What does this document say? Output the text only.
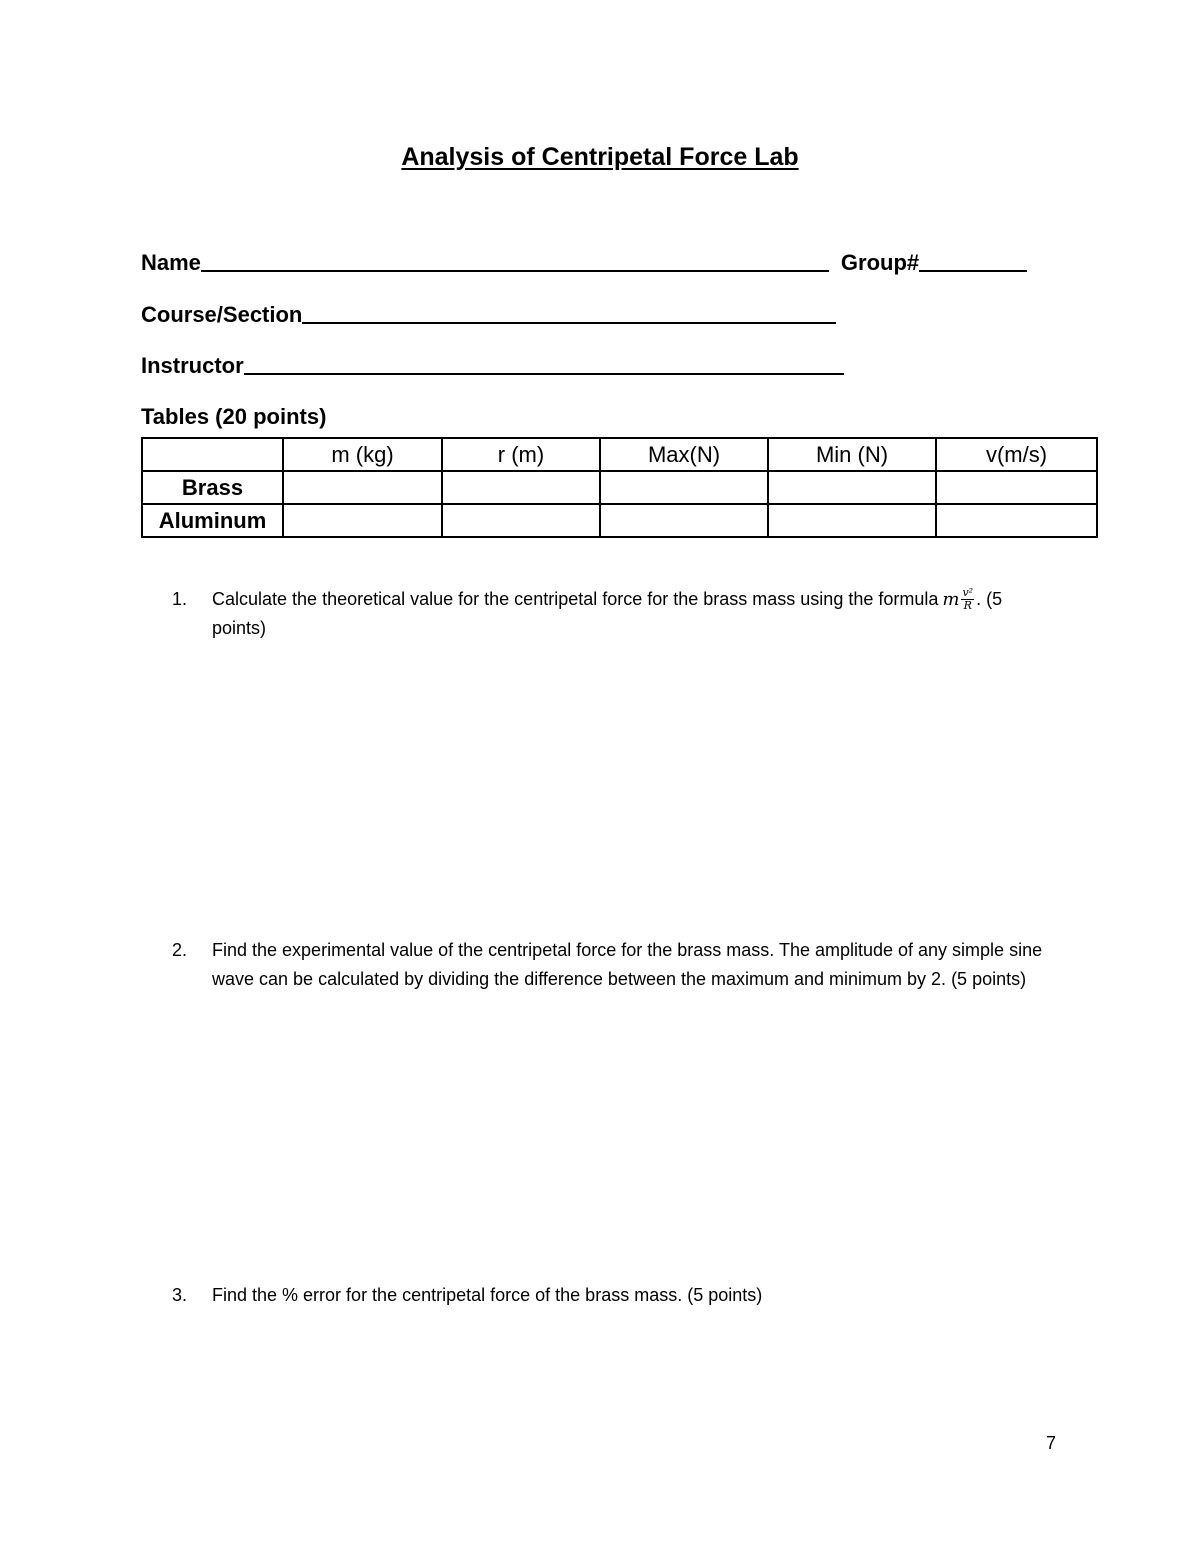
Analysis of Centripetal Force Lab
Name	Group#
Course/Section
Instructor
Tables (20 points)
	m (kg)	r (m)	Max(N)	Min (N)	v(m/s)
Brass					
Aluminum					
1.	Calculate the theoretical value for the centripetal force for the brass mass using the formula m $\frac{\text{v²}}{R}$ . (5 points)
2.	Find the experimental value of the centripetal force for the brass mass. The amplitude of any simple sine wave can be calculated by dividing the difference between the maximum and minimum by 2. (5 points)
3.	Find the % error for the centripetal force of the brass mass. (5 points)
7
